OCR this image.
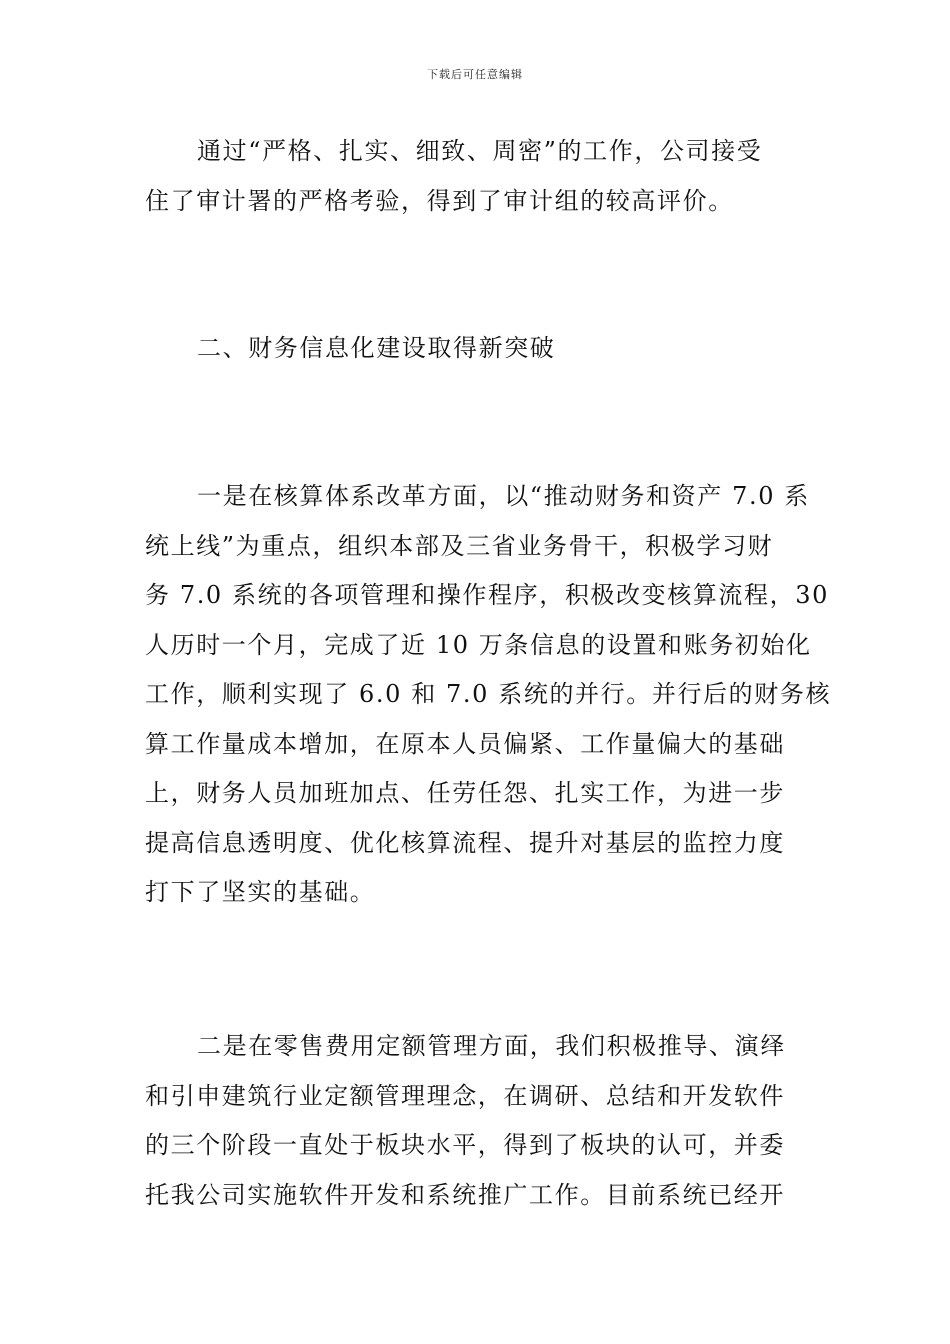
下载后可任意编辑
通过“严格、扎实、细致、周密”的工作，公司接受
住了审计署的严格考验，得到了审计组的较高评价。
二、财务信息化建设取得新突破
一是在核算体系改革方面，以“推动财务和资产 7.0 系
统上线”为重点，组织本部及三省业务骨干，积极学习财
务 7.0 系统的各项管理和操作程序，积极改变核算流程，30
人历时一个月，完成了近 10 万条信息的设置和账务初始化
工作，顺利实现了 6.0 和 7.0 系统的并行。并行后的财务核
算工作量成本增加，在原本人员偏紧、工作量偏大的基础
上，财务人员加班加点、任劳任怨、扎实工作，为进一步
提高信息透明度、优化核算流程、提升对基层的监控力度
打下了坚实的基础。
二是在零售费用定额管理方面，我们积极推导、演绎
和引申建筑行业定额管理理念，在调研、总结和开发软件
的三个阶段一直处于板块水平，得到了板块的认可，并委
托我公司实施软件开发和系统推广工作。目前系统已经开
